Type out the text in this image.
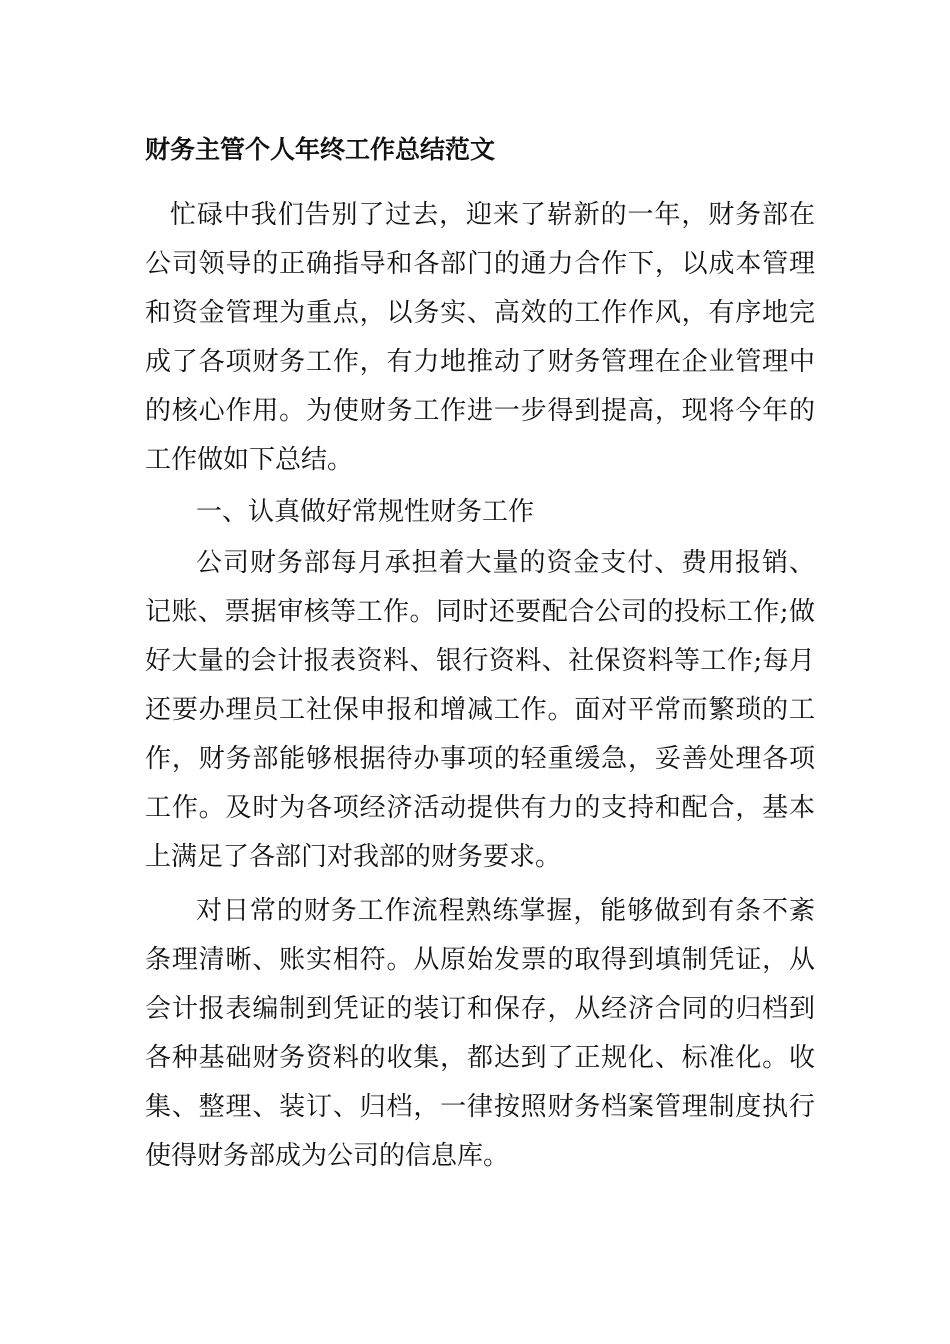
财务主管个人年终工作总结范文
忙碌中我们告别了过去，迎来了崭新的一年，财务部在
公司领导的正确指导和各部门的通力合作下，以成本管理
和资金管理为重点，以务实、高效的工作作风，有序地完
成了各项财务工作，有力地推动了财务管理在企业管理中
的核心作用。为使财务工作进一步得到提高，现将今年的
工作做如下总结。
一、认真做好常规性财务工作
公司财务部每月承担着大量的资金支付、费用报销、
记账、票据审核等工作。同时还要配合公司的投标工作;做
好大量的会计报表资料、银行资料、社保资料等工作;每月
还要办理员工社保申报和增减工作。面对平常而繁琐的工
作，财务部能够根据待办事项的轻重缓急，妥善处理各项
工作。及时为各项经济活动提供有力的支持和配合，基本
上满足了各部门对我部的财务要求。
对日常的财务工作流程熟练掌握，能够做到有条不紊
条理清晰、账实相符。从原始发票的取得到填制凭证，从
会计报表编制到凭证的装订和保存，从经济合同的归档到
各种基础财务资料的收集，都达到了正规化、标准化。收
集、整理、装订、归档，一律按照财务档案管理制度执行
使得财务部成为公司的信息库。
